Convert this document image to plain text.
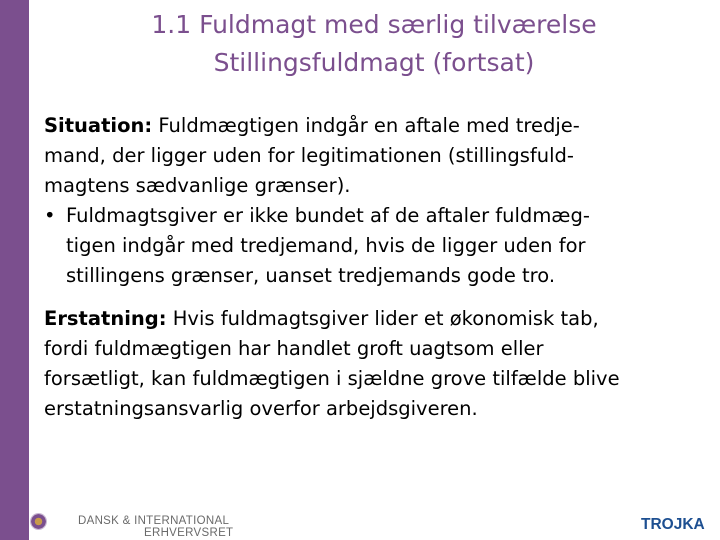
1.1 Fuldmagt med særlig tilværelse
Stillingsfuldmagt (fortsat)
Situation: Fuldmægtigen indgår en aftale med tredje-
mand, der ligger uden for legitimationen (stillingsfuld-
magtens sædvanlige grænser).
• Fuldmagtsgiver er ikke bundet af de aftaler fuldmæg-
tigen indgår med tredjemand, hvis de ligger uden for
stillingens grænser, uanset tredjemands gode tro.
Erstatning: Hvis fuldmagtsgiver lider et økonomisk tab,
fordi fuldmægtigen har handlet groft uagtsom eller
forsætligt, kan fuldmægtigen i sjældne grove tilfælde blive
erstatningsansvarlig overfor arbejdsgiveren.
DANSK & INTERNATIONAL
ERHVERVSRET	TROJKA
